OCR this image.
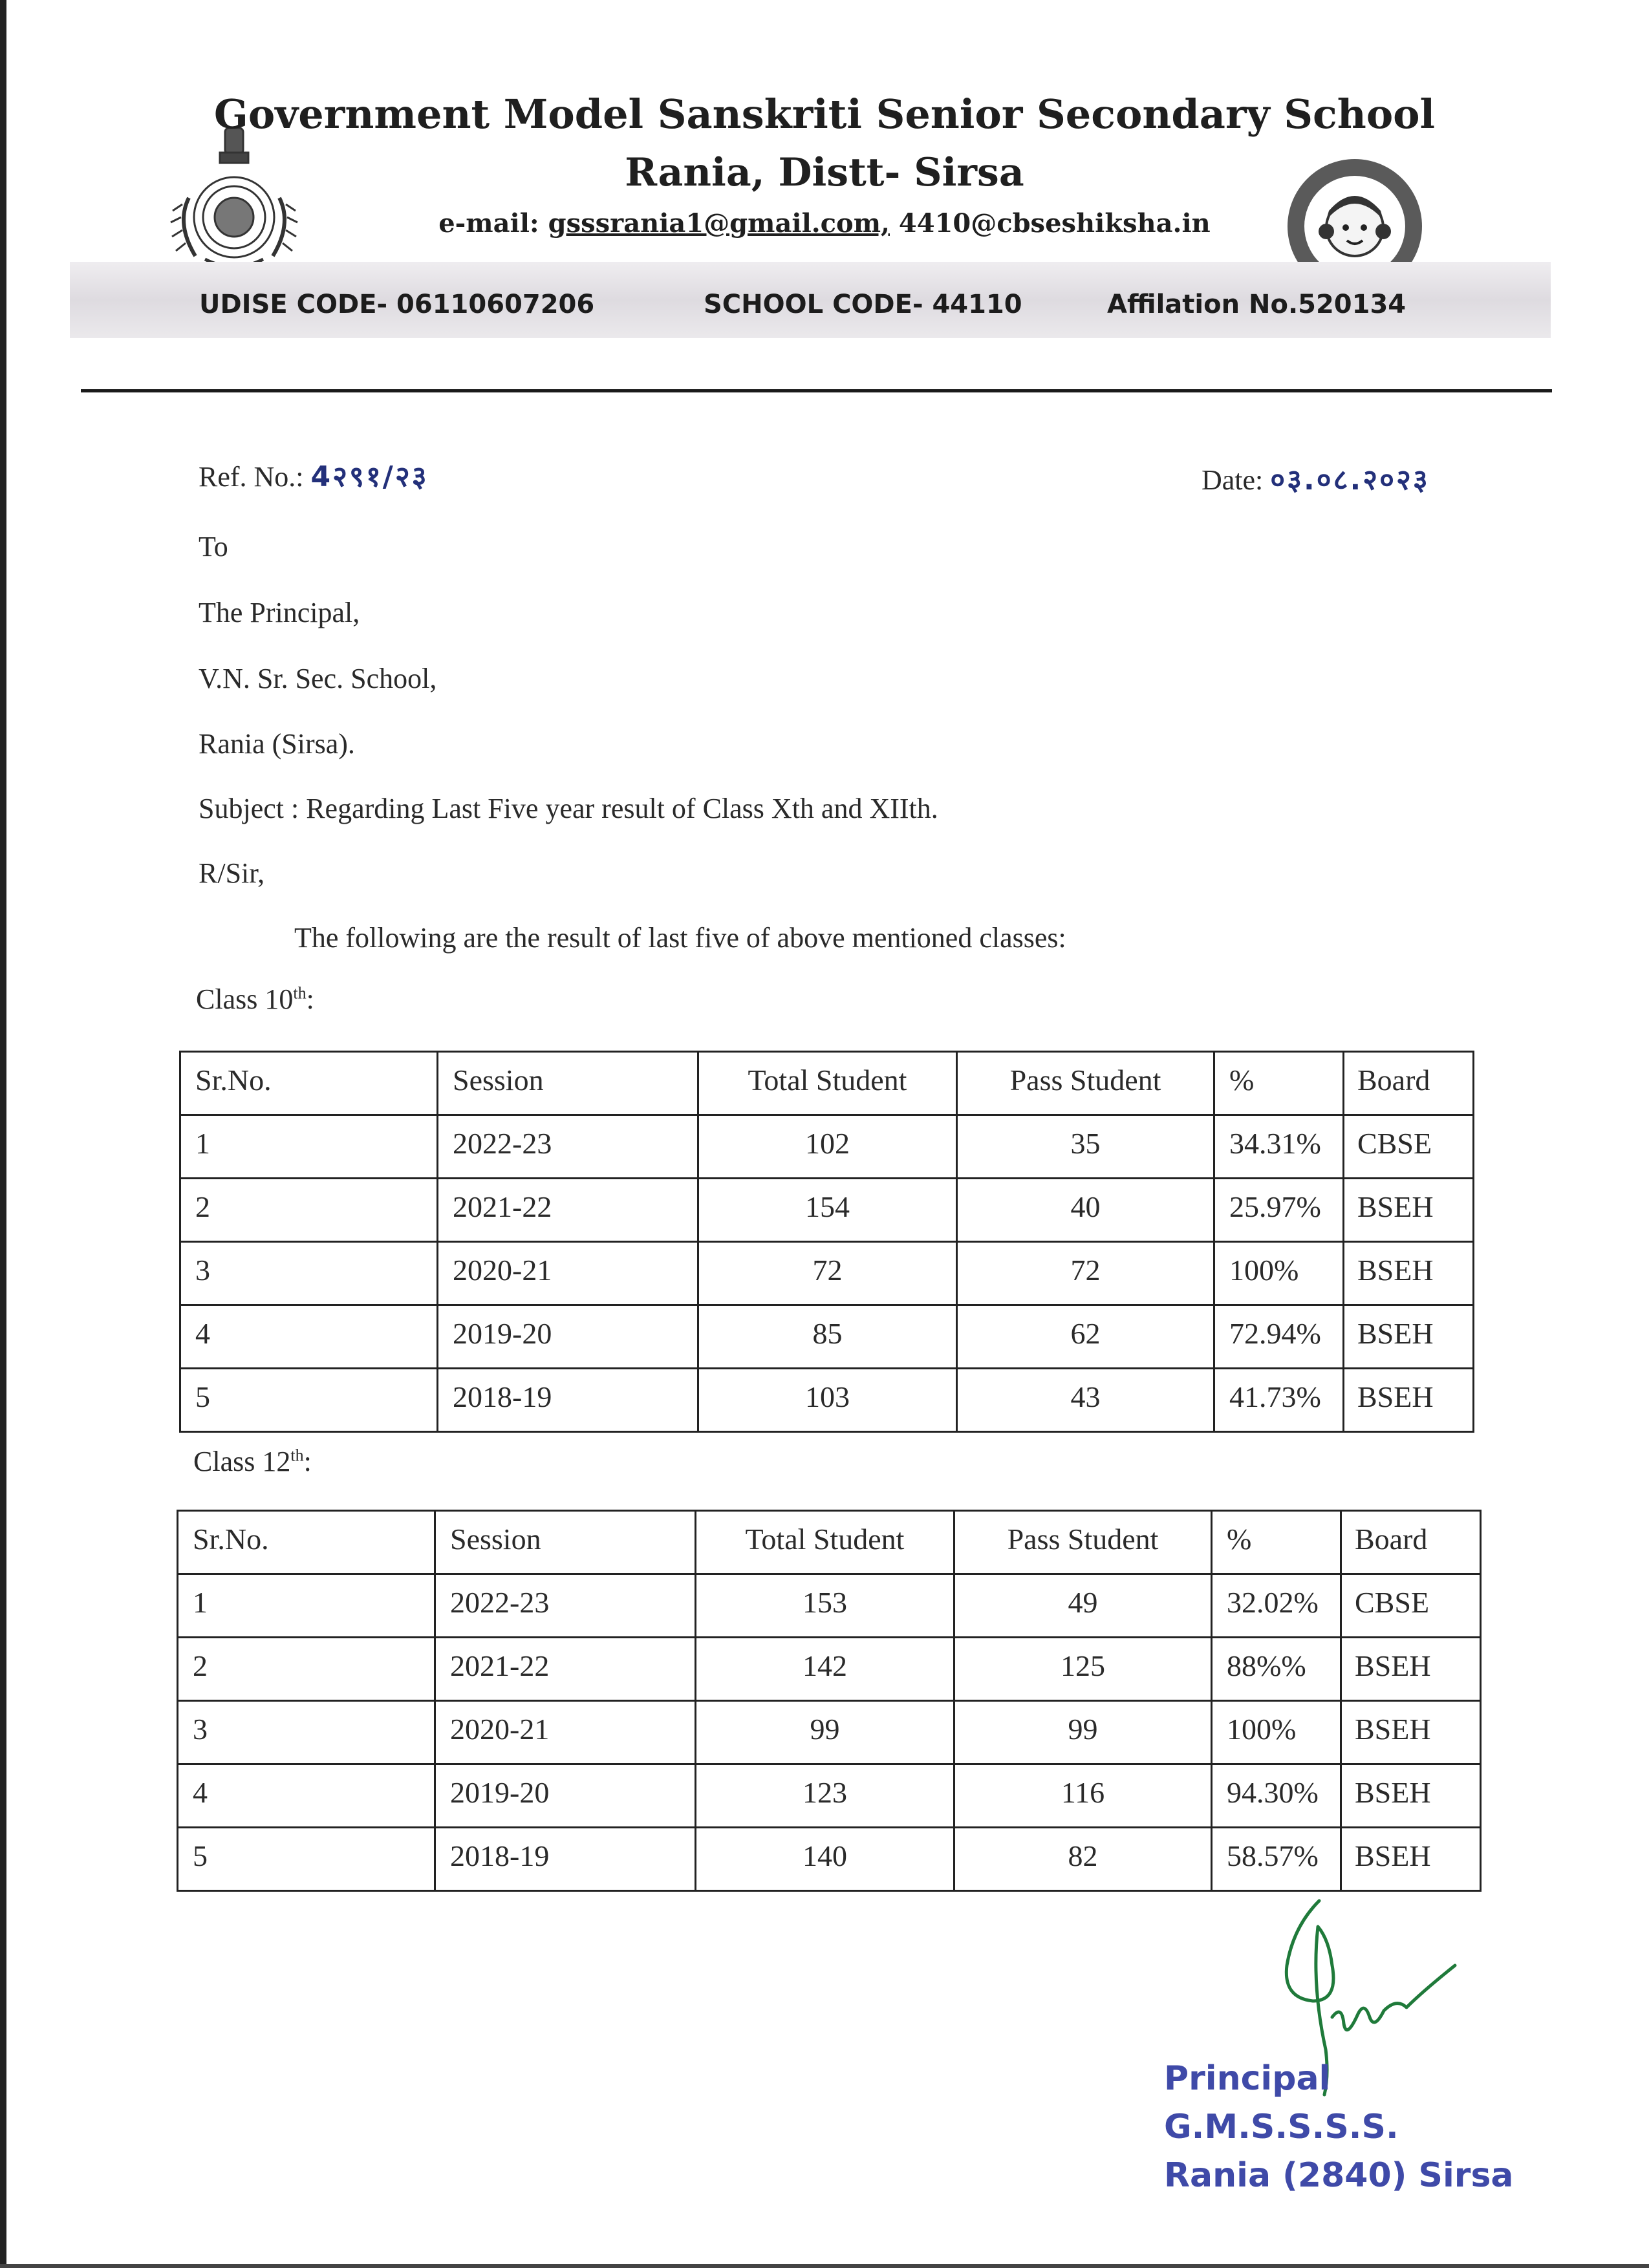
Government Model Sanskriti Senior Secondary School
Rania, Distt- Sirsa
e-mail: gsssrania1@gmail.com, 4410@cbseshiksha.in
UDISE CODE- 06110607206	SCHOOL CODE- 44110	Affilation No.520134
Ref. No.: 4२९१/२३	Date: ०३.०८.२०२३
To
The Principal,
V.N. Sr. Sec. School,
Rania (Sirsa).
Subject : Regarding Last Five year result of Class Xth and XIIth.
R/Sir,
The following are the result of last five of above mentioned classes:
Class 10th:
Sr.No.	Session	Total Student	Pass Student	%	Board
1	2022-23	102	35	34.31%	CBSE
2	2021-22	154	40	25.97%	BSEH
3	2020-21	72	72	100%	BSEH
4	2019-20	85	62	72.94%	BSEH
5	2018-19	103	43	41.73%	BSEH
Class 12th:
Sr.No.	Session	Total Student	Pass Student	%	Board
1	2022-23	153	49	32.02%	CBSE
2	2021-22	142	125	88%%	BSEH
3	2020-21	99	99	100%	BSEH
4	2019-20	123	116	94.30%	BSEH
5	2018-19	140	82	58.57%	BSEH
Principal
G.M.S.S.S.S.
Rania (2840) Sirsa
